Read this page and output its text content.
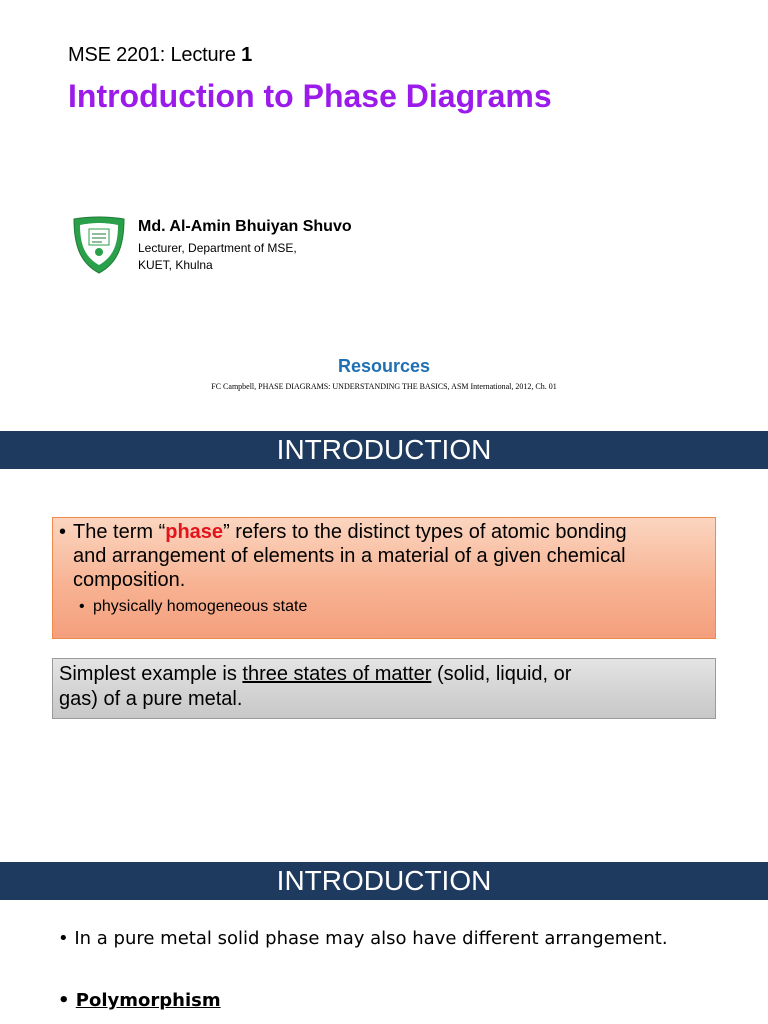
MSE 2201: Lecture 1
Introduction to Phase Diagrams
Md. Al-Amin Bhuiyan Shuvo
Lecturer, Department of MSE,
KUET, Khulna
Resources
FC Campbell, PHASE DIAGRAMS: UNDERSTANDING THE BASICS, ASM International, 2012, Ch. 01
INTRODUCTION
• The term “phase” refers to the distinct types of atomic bonding
and arrangement of elements in a material of a given chemical
composition.
• physically homogeneous state
Simplest example is three states of matter (solid, liquid, or
gas) of a pure metal.
INTRODUCTION
• In a pure metal solid phase may also have different arrangement.
• Polymorphism
